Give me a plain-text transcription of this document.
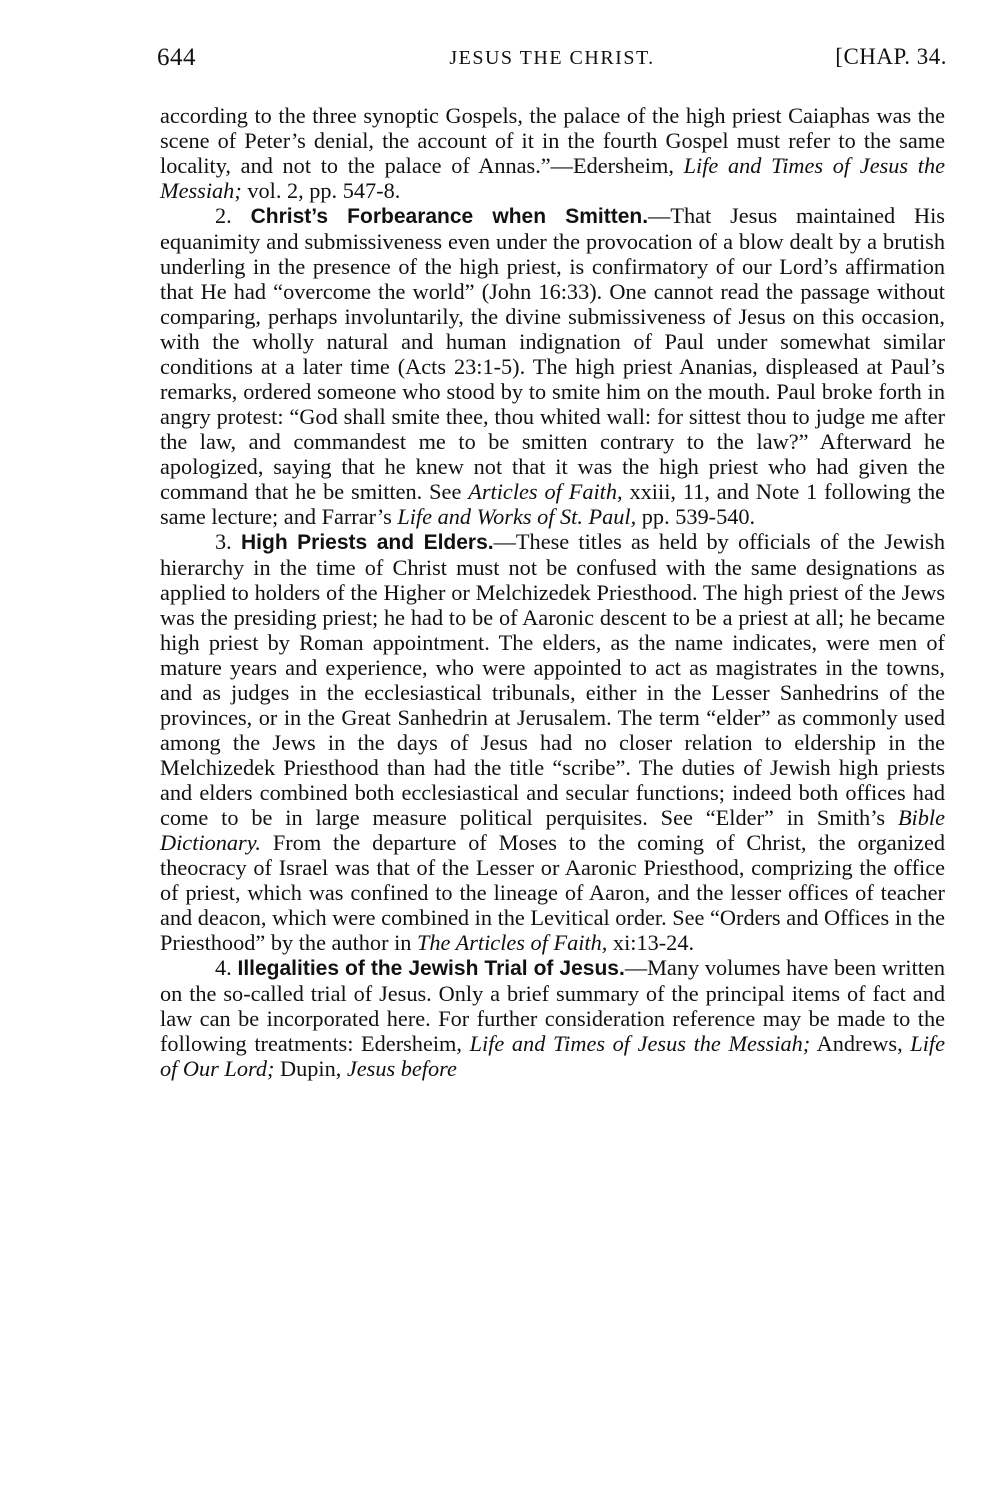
644	JESUS THE CHRIST.	[CHAP. 34.

according to the three synoptic Gospels, the palace of the high priest Caiaphas was the scene of Peter’s denial, the account of it in the fourth Gospel must refer to the same locality, and not to the palace of Annas.”—Edersheim, Life and Times of Jesus the Messiah; vol. 2, pp. 547-8.

2. Christ’s Forbearance when Smitten.—That Jesus maintained His equanimity and submissiveness even under the provocation of a blow dealt by a brutish underling in the presence of the high priest, is confirmatory of our Lord’s affirmation that He had “overcome the world” (John 16:33). One cannot read the passage without comparing, perhaps involuntarily, the divine submissiveness of Jesus on this occasion, with the wholly natural and human indignation of Paul under somewhat similar conditions at a later time (Acts 23:1-5). The high priest Ananias, displeased at Paul’s remarks, ordered someone who stood by to smite him on the mouth. Paul broke forth in angry protest: “God shall smite thee, thou whited wall: for sittest thou to judge me after the law, and commandest me to be smitten contrary to the law?” Afterward he apologized, saying that he knew not that it was the high priest who had given the command that he be smitten. See Articles of Faith, xxiii, 11, and Note 1 following the same lecture; and Farrar’s Life and Works of St. Paul, pp. 539-540.

3. High Priests and Elders.—These titles as held by officials of the Jewish hierarchy in the time of Christ must not be confused with the same designations as applied to holders of the Higher or Melchizedek Priesthood. The high priest of the Jews was the presiding priest; he had to be of Aaronic descent to be a priest at all; he became high priest by Roman appointment. The elders, as the name indicates, were men of mature years and experience, who were appointed to act as magistrates in the towns, and as judges in the ecclesiastical tribunals, either in the Lesser Sanhedrins of the provinces, or in the Great Sanhedrin at Jerusalem. The term “elder” as commonly used among the Jews in the days of Jesus had no closer relation to eldership in the Melchizedek Priesthood than had the title “scribe”. The duties of Jewish high priests and elders combined both ecclesiastical and secular functions; indeed both offices had come to be in large measure political perquisites. See “Elder” in Smith’s Bible Dictionary. From the departure of Moses to the coming of Christ, the organized theocracy of Israel was that of the Lesser or Aaronic Priesthood, comprizing the office of priest, which was confined to the lineage of Aaron, and the lesser offices of teacher and deacon, which were combined in the Levitical order. See “Orders and Offices in the Priesthood” by the author in The Articles of Faith, xi:13-24.

4. Illegalities of the Jewish Trial of Jesus.—Many volumes have been written on the so-called trial of Jesus. Only a brief summary of the principal items of fact and law can be incorporated here. For further consideration reference may be made to the following treatments: Edersheim, Life and Times of Jesus the Messiah; Andrews, Life of Our Lord; Dupin, Jesus before
